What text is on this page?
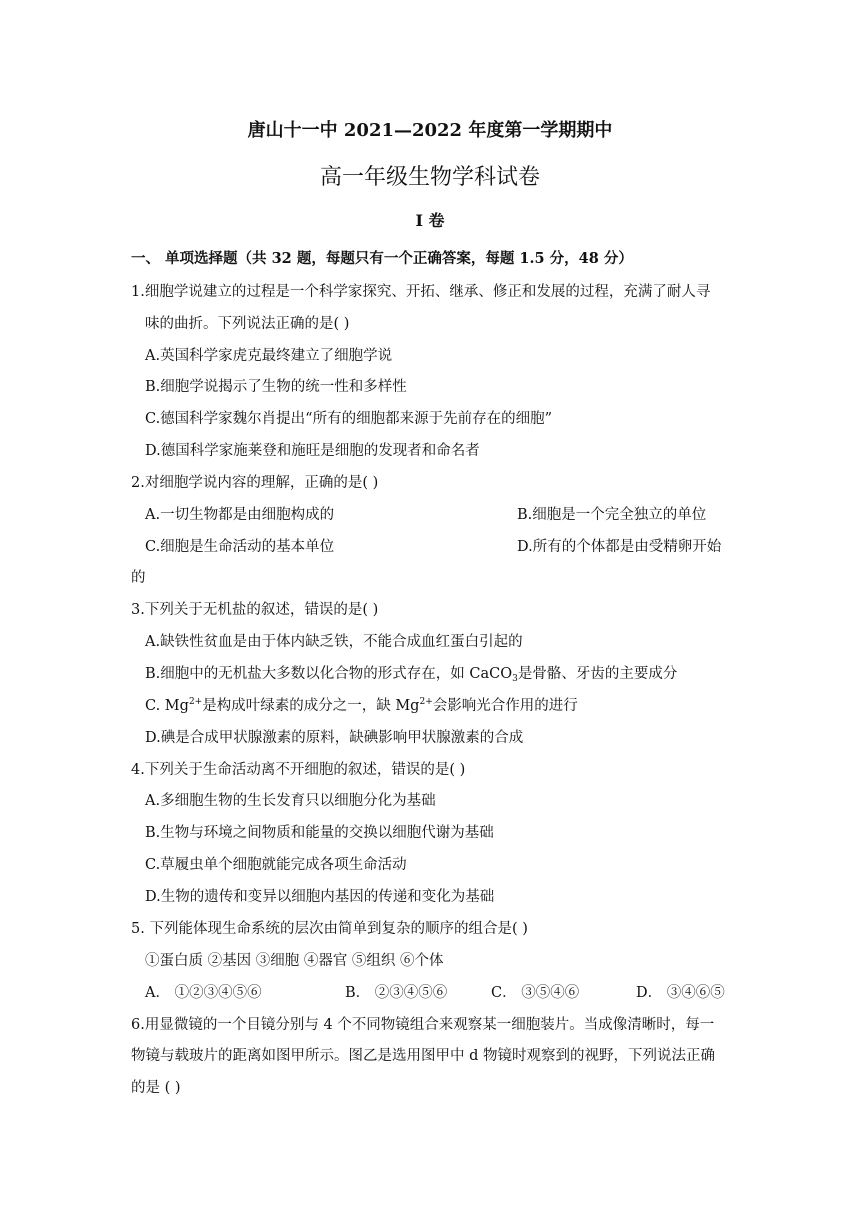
唐山十一中 2021—2022 年度第一学期期中
高一年级生物学科试卷
I 卷
一、 单项选择题（共 32 题，每题只有一个正确答案，每题 1.5 分，48 分）
1.细胞学说建立的过程是一个科学家探究、开拓、继承、修正和发展的过程，充满了耐人寻
味的曲折。下列说法正确的是( )
A.英国科学家虎克最终建立了细胞学说
B.细胞学说揭示了生物的统一性和多样性
C.德国科学家魏尔肖提出“所有的细胞都来源于先前存在的细胞”
D.德国科学家施莱登和施旺是细胞的发现者和命名者
2.对细胞学说内容的理解，正确的是( )
A.一切生物都是由细胞构成的	B.细胞是一个完全独立的单位
C.细胞是生命活动的基本单位	D.所有的个体都是由受精卵开始
的
3.下列关于无机盐的叙述，错误的是( )
A.缺铁性贫血是由于体内缺乏铁，不能合成血红蛋白引起的
B.细胞中的无机盐大多数以化合物的形式存在，如 CaCO$_3$是骨骼、牙齿的主要成分
C. $Mg^{2+}$是构成叶绿素的成分之一，缺 $Mg^{2+}$会影响光合作用的进行
D.碘是合成甲状腺激素的原料，缺碘影响甲状腺激素的合成
4.下列关于生命活动离不开细胞的叙述，错误的是( )
A.多细胞生物的生长发育只以细胞分化为基础
B.生物与环境之间物质和能量的交换以细胞代谢为基础
C.草履虫单个细胞就能完成各项生命活动
D.生物的遗传和变异以细胞内基因的传递和变化为基础
5. 下列能体现生命系统的层次由简单到复杂的顺序的组合是( )
①蛋白质 ②基因 ③细胞 ④器官 ⑤组织 ⑥个体
A． ①②③④⑤⑥	B． ②③④⑤⑥	C． ③⑤④⑥	D． ③④⑥⑤
6.用显微镜的一个目镜分别与 4 个不同物镜组合来观察某一细胞装片。当成像清晰时，每一
物镜与载玻片的距离如图甲所示。图乙是选用图甲中 d 物镜时观察到的视野，下列说法正确
的是 ( )
